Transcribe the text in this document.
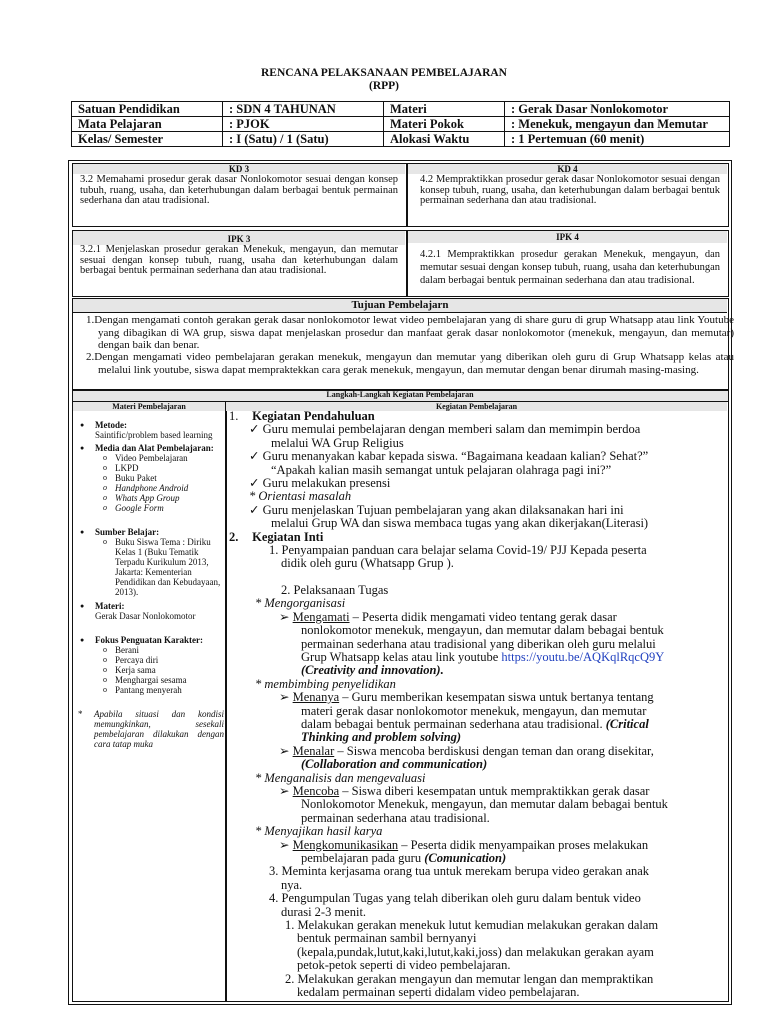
RENCANA PELAKSANAAN PEMBELAJARAN
(RPP)
Satuan Pendidikan	: SDN 4 TAHUNAN	Materi	: Gerak Dasar Nonlokomotor
Mata Pelajaran	: PJOK	Materi Pokok	: Menekuk, mengayun dan Memutar
Kelas/ Semester	: I (Satu) / 1 (Satu)	Alokasi Waktu	: 1 Pertemuan (60 menit)
KD 3	KD 4
3.2 Memahami prosedur gerak dasar Nonlokomotor sesuai dengan konsep tubuh, ruang, usaha, dan keterhubungan dalam berbagai bentuk permainan sederhana dan atau tradisional.
4.2 Mempraktikkan prosedur gerak dasar Nonlokomotor sesuai dengan konsep tubuh, ruang, usaha, dan keterhubungan dalam berbagai bentuk permainan sederhana dan atau tradisional.
IPK 3	IPK 4
3.2.1 Menjelaskan prosedur gerakan Menekuk, mengayun, dan memutar sesuai dengan konsep tubuh, ruang, usaha dan keterhubungan dalam berbagai bentuk permainan sederhana dan atau tradisional.
4.2.1 Mempraktikkan prosedur gerakan Menekuk, mengayun, dan memutar sesuai dengan konsep tubuh, ruang, usaha dan keterhubungan dalam berbagai bentuk permainan sederhana dan atau tradisional.
Tujuan Pembelajarn
1.Dengan mengamati contoh gerakan gerak dasar nonlokomotor lewat video pembelajaran yang di share guru di grup Whatsapp atau link Youtube yang dibagikan di WA grup, siswa dapat menjelaskan prosedur dan manfaat gerak dasar nonlokomotor (menekuk, mengayun, dan memutar) dengan baik dan benar.
2.Dengan mengamati video pembelajaran gerakan menekuk, mengayun dan memutar yang diberikan oleh guru di Grup Whatsapp kelas atau melalui link youtube, siswa dapat mempraktekkan cara gerak menekuk, mengayun, dan memutar dengan benar dirumah masing-masing.
Langkah-Langkah Kegiatan Pembelajaran
Materi Pembelajaran	Kegiatan Pembelajaran
● Metode:
Saintific/problem based learning
● Media dan Alat Pembelajaran:
o Video Pembelajaran
o LKPD
o Buku Paket
o Handphone Android
o Whats App Group
o Google Form
● Sumber Belajar:
o Buku Siswa Tema : Diriku Kelas 1 (Buku Tematik Terpadu Kurikulum 2013, Jakarta: Kementerian Pendidikan dan Kebudayaan, 2013).
● Materi:
Gerak Dasar Nonlokomotor
● Fokus Penguatan Karakter:
o Berani
o Percaya diri
o Kerja sama
o Menghargai sesama
o Pantang menyerah
* Apabila situasi dan kondisi memungkinkan, sesekali pembelajaran dilakukan dengan cara tatap muka
1. Kegiatan Pendahuluan
✓ Guru memulai pembelajaran dengan memberi salam dan memimpin berdoa
melalui WA Grup Religius
✓ Guru menanyakan kabar kepada siswa. “Bagaimana keadaan kalian? Sehat?”
“Apakah kalian masih semangat untuk pelajaran olahraga pagi ini?”
✓ Guru melakukan presensi
* Orientasi masalah
✓ Guru menjelaskan Tujuan pembelajaran yang akan dilaksanakan hari ini
melalui Grup WA dan siswa membaca tugas yang akan dikerjakan(Literasi)
2. Kegiatan Inti
1. Penyampaian panduan cara belajar selama Covid-19/ PJJ Kepada peserta
didik oleh guru (Whatsapp Grup ).
2. Pelaksanaan Tugas
* Mengorganisasi
➢ Mengamati – Peserta didik mengamati video tentang gerak dasar
nonlokomotor menekuk, mengayun, dan memutar dalam bebagai bentuk
permainan sederhana atau tradisional yang diberikan oleh guru melalui
Grup Whatsapp kelas atau link youtube https://youtu.be/AQKqlRqcQ9Y
(Creativity and innovation).
* membimbing penyelidikan
➢ Menanya – Guru memberikan kesempatan siswa untuk bertanya tentang
materi gerak dasar nonlokomotor menekuk, mengayun, dan memutar
dalam bebagai bentuk permainan sederhana atau tradisional. (Critical
Thinking and problem solving)
➢ Menalar – Siswa mencoba berdiskusi dengan teman dan orang disekitar,
(Collaboration and communication)
* Menganalisis dan mengevaluasi
➢ Mencoba – Siswa diberi kesempatan untuk mempraktikkan gerak dasar
Nonlokomotor Menekuk, mengayun, dan memutar dalam bebagai bentuk
permainan sederhana atau tradisional.
* Menyajikan hasil karya
➢ Mengkomunikasikan – Peserta didik menyampaikan proses melakukan
pembelajaran pada guru (Comunication)
3. Meminta kerjasama orang tua untuk merekam berupa video gerakan anak
nya.
4. Pengumpulan Tugas yang telah diberikan oleh guru dalam bentuk video
durasi 2-3 menit.
1. Melakukan gerakan menekuk lutut kemudian melakukan gerakan dalam
bentuk permainan sambil bernyanyi
(kepala,pundak,lutut,kaki,lutut,kaki,joss) dan melakukan gerakan ayam
petok-petok seperti di video pembelajaran.
2. Melakukan gerakan mengayun dan memutar lengan dan mempraktikan
kedalam permainan seperti didalam video pembelajaran.
